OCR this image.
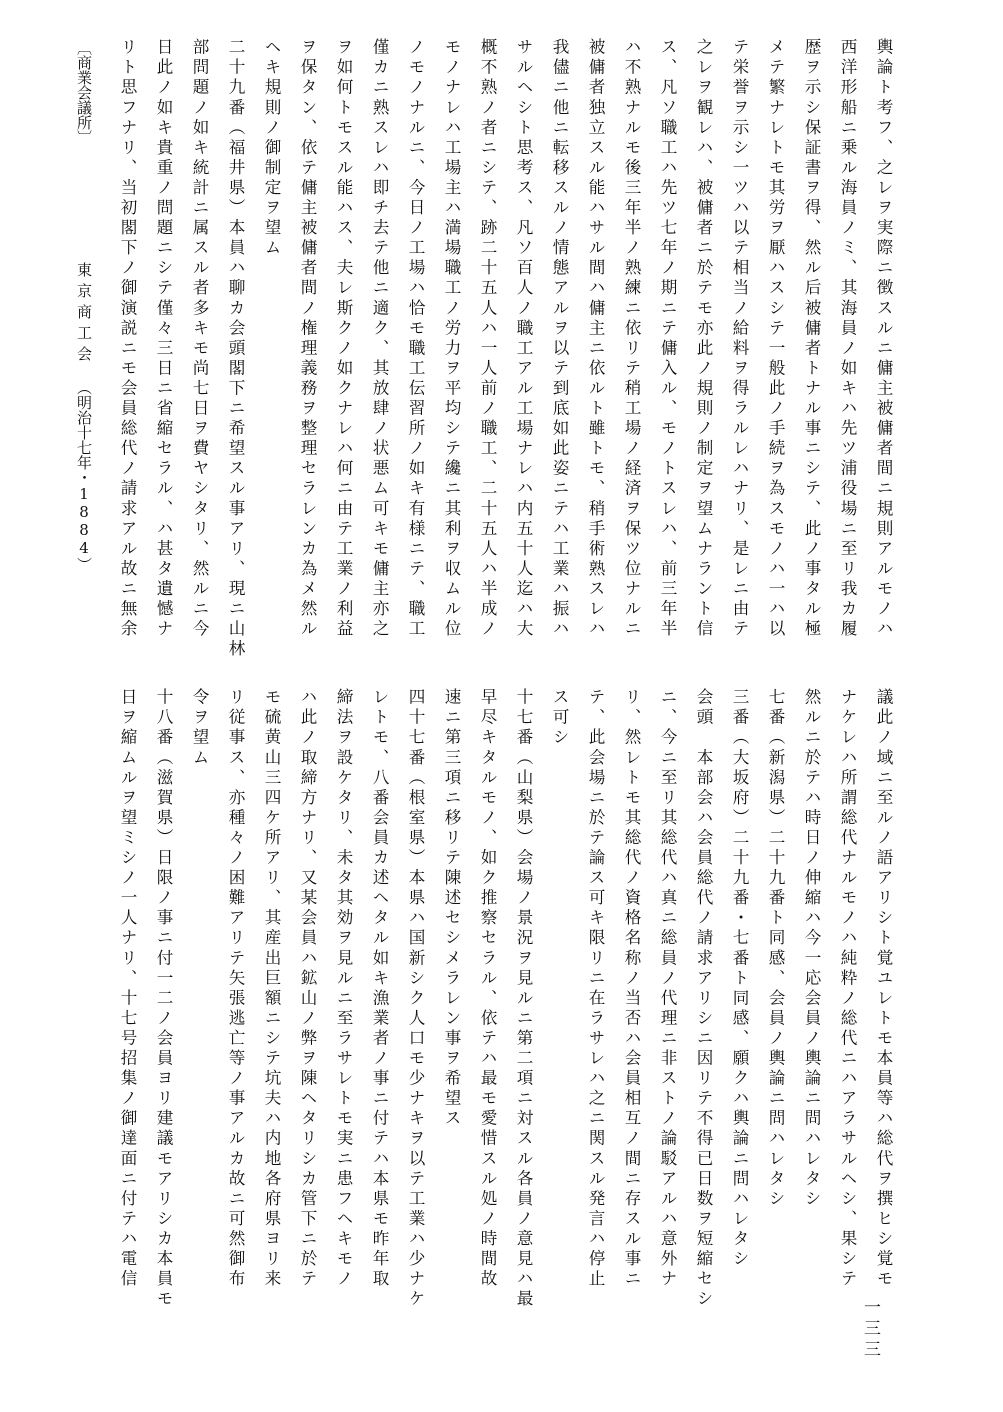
輿論ト考フ、之レヲ実際ニ徴スルニ傭主被傭者間ニ規則アルモノハ
西洋形船ニ乗ル海員ノミ、其海員ノ如キハ先ツ浦役場ニ至リ我カ履
歴ヲ示シ保証書ヲ得、然ル后被傭者トナル事ニシテ、此ノ事タル極
メテ繁ナレトモ其労ヲ厭ハスシテ一般此ノ手続ヲ為スモノハ一ハ以
テ栄誉ヲ示シ一ツハ以テ相当ノ給料ヲ得ラルレハナリ、是レニ由テ
之レヲ観レハ、被傭者ニ於テモ亦此ノ規則ノ制定ヲ望ムナラント信
ス、凡ソ職工ハ先ツ七年ノ期ニテ傭入ル、モノトスレハ、前三年半
ハ不熟ナルモ後三年半ノ熟練ニ依リテ稍工場ノ経済ヲ保ツ位ナルニ
被傭者独立スル能ハサル間ハ傭主ニ依ルト雖トモ、稍手術熟スレハ
我儘ニ他ニ転移スルノ情態アルヲ以テ到底如此姿ニテハ工業ハ振ハ
サルヘシト思考ス、凡ソ百人ノ職工アル工場ナレハ内五十人迄ハ大
概不熟ノ者ニシテ、跡二十五人ハ一人前ノ職工、二十五人ハ半成ノ
モノナレハ工場主ハ満場職工ノ労力ヲ平均シテ纔ニ其利ヲ収ムル位
ノモノナルニ、今日ノ工場ハ恰モ職工伝習所ノ如キ有様ニテ、職工
僅カニ熟スレハ即チ去テ他ニ適ク、其放肆ノ状悪ム可キモ傭主亦之
ヲ如何トモスル能ハス、夫レ斯クノ如クナレハ何ニ由テ工業ノ利益
ヲ保タン、依テ傭主被傭者間ノ権理義務ヲ整理セラレンカ為メ然ル
ヘキ規則ノ御制定ヲ望ム
二十九番（福井県）本員ハ聊カ会頭閣下ニ希望スル事アリ、現ニ山林
部問題ノ如キ統計ニ属スル者多キモ尚七日ヲ費ヤシタリ、然ルニ今
日此ノ如キ貴重ノ問題ニシテ僅々三日ニ省縮セラル、ハ甚タ遺憾ナ
リト思フナリ、当初閣下ノ御演説ニモ会員総代ノ請求アル故ニ無余
議此ノ域ニ至ルノ語アリシト覚ユレトモ本員等ハ総代ヲ撰ヒシ覚モ
ナケレハ所謂総代ナルモノハ純粋ノ総代ニハアラサルヘシ、果シテ
然ルニ於テハ時日ノ伸縮ハ今一応会員ノ輿論ニ問ハレタシ
七番（新潟県）二十九番ト同感、会員ノ輿論ニ問ハレタシ
三番（大坂府）二十九番・七番ト同感、願クハ輿論ニ問ハレタシ
会頭　本部会ハ会員総代ノ請求アリシニ因リテ不得已日数ヲ短縮セシ
ニ、今ニ至リ其総代ハ真ニ総員ノ代理ニ非ストノ論駁アルハ意外ナ
リ、然レトモ其総代ノ資格名称ノ当否ハ会員相互ノ間ニ存スル事ニ
テ、此会場ニ於テ論ス可キ限リニ在ラサレハ之ニ関スル発言ハ停止
ス可シ
十七番（山梨県）会場ノ景況ヲ見ルニ第二項ニ対スル各員ノ意見ハ最
早尽キタルモノ、如ク推察セラル、依テハ最モ愛惜スル処ノ時間故
速ニ第三項ニ移リテ陳述セシメラレン事ヲ希望ス
四十七番（根室県）本県ハ国新シク人口モ少ナキヲ以テ工業ハ少ナケ
レトモ、八番会員カ述ヘタル如キ漁業者ノ事ニ付テハ本県モ昨年取
締法ヲ設ケタリ、未タ其効ヲ見ルニ至ラサレトモ実ニ患フヘキモノ
ハ此ノ取締方ナリ、又某会員ハ鉱山ノ弊ヲ陳ヘタリシカ管下ニ於テ
モ硫黄山三四ケ所アリ、其産出巨額ニシテ坑夫ハ内地各府県ヨリ来
リ従事ス、亦種々ノ困難アリテ矢張逃亡等ノ事アルカ故ニ可然御布
令ヲ望ム
十八番（滋賀県）日限ノ事ニ付一二ノ会員ヨリ建議モアリシカ本員モ
日ヲ縮ムルヲ望ミシノ一人ナリ、十七号招集ノ御達面ニ付テハ電信
〔商業会議所〕
東京商工会
（明治十七年・1884）
一三三
